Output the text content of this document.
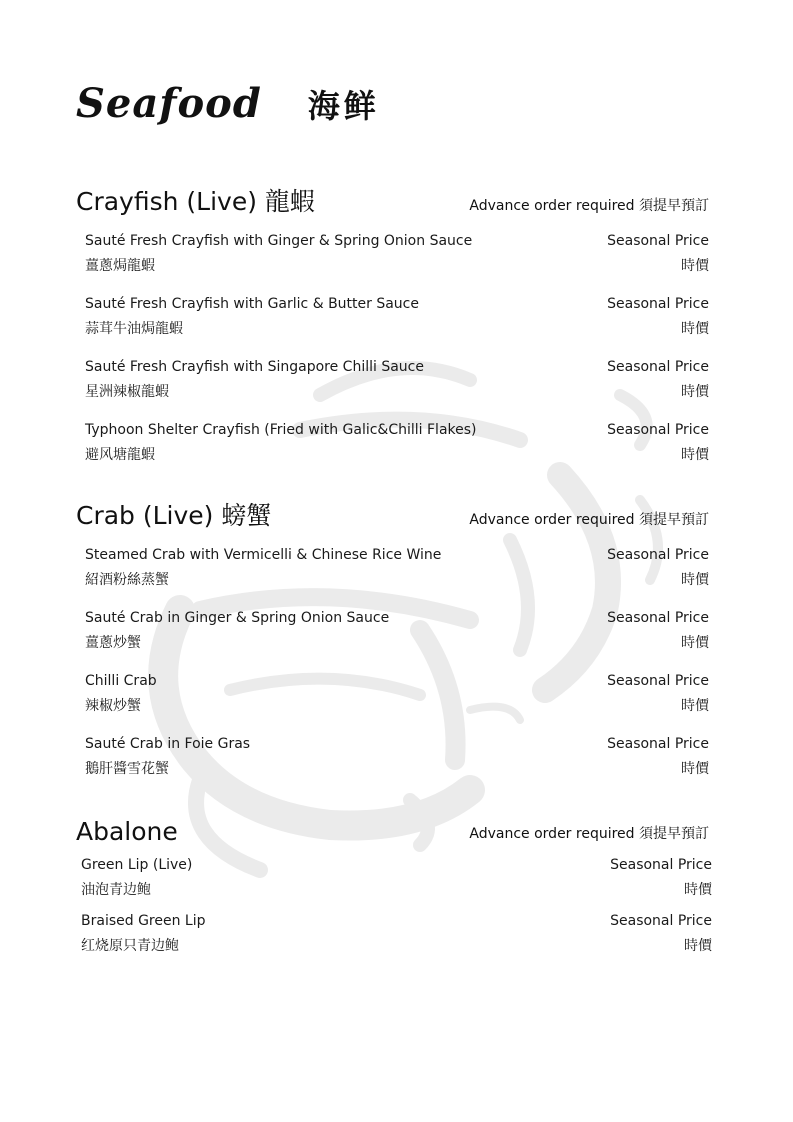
Seafood 海鲜
Crayfish (Live) 龍蝦	Advance order required 須提早預訂
Sauté Fresh Crayfish with Ginger & Spring Onion Sauce
薑蔥焗龍蝦
Seasonal Price
時價
Sauté Fresh Crayfish with Garlic & Butter Sauce
蒜茸牛油焗龍蝦
Seasonal Price
時價
Sauté Fresh Crayfish with Singapore Chilli Sauce
星洲辣椒龍蝦
Seasonal Price
時價
Typhoon Shelter Crayfish (Fried with Galic&Chilli Flakes)
避风塘龍蝦
Seasonal Price
時價
Crab (Live) 螃蟹	Advance order required 須提早預訂
Steamed Crab with Vermicelli & Chinese Rice Wine
紹酒粉絲蒸蟹
Seasonal Price
時價
Sauté Crab in Ginger & Spring Onion Sauce
薑蔥炒蟹
Seasonal Price
時價
Chilli Crab
辣椒炒蟹
Seasonal Price
時價
Sauté Crab in Foie Gras
鵝肝醬雪花蟹
Seasonal Price
時價
Abalone	Advance order required 須提早預訂
Green Lip (Live)
油泡青边鲍
Seasonal Price
時價
Braised Green Lip
红烧原只青边鲍
Seasonal Price
時價
